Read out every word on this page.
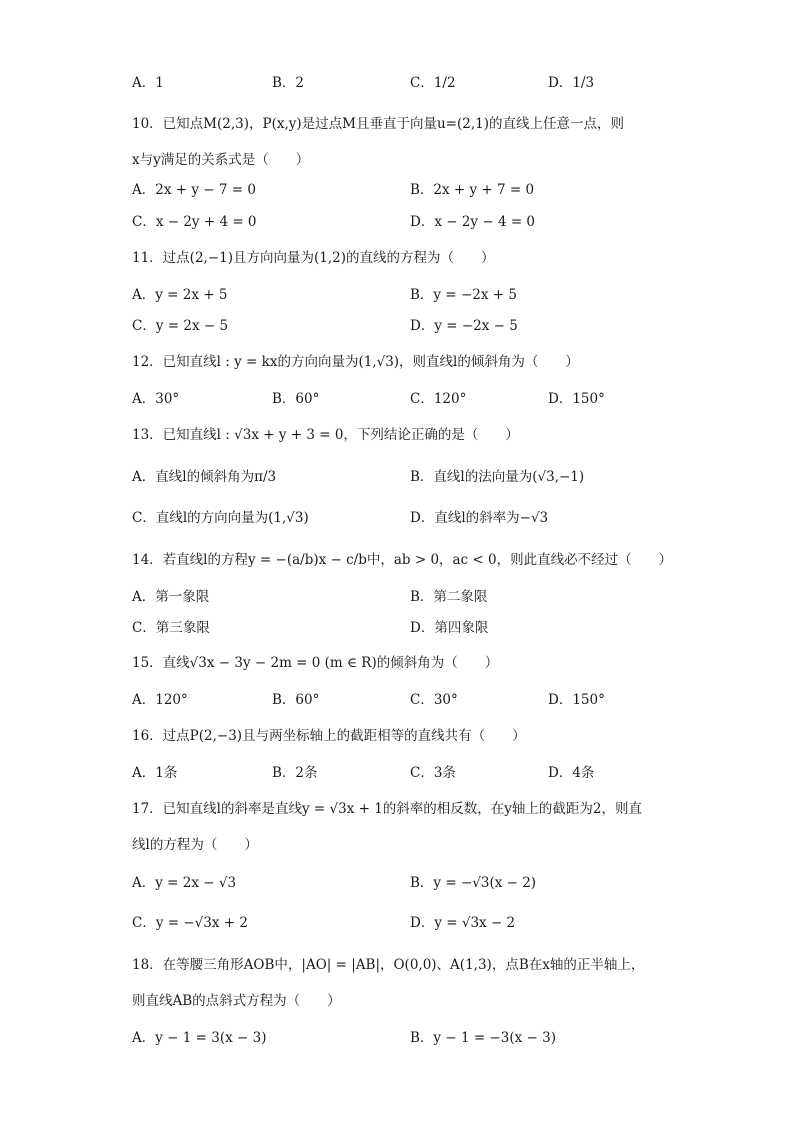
A．1	B．2	C．1/2	D．1/3
10．已知点M(2,3)，P(x,y)是过点M且垂直于向量u=(2,1)的直线上任意一点，则
x与y满足的关系式是（　　）
A．2x + y − 7 = 0	B．2x + y + 7 = 0
C．x − 2y + 4 = 0	D．x − 2y − 4 = 0
11．过点(2,−1)且方向向量为(1,2)的直线的方程为（　　）
A．y = 2x + 5	B．y = −2x + 5
C．y = 2x − 5	D．y = −2x − 5
12．已知直线l : y = kx的方向向量为(1,√3)，则直线l的倾斜角为（　　）
A．30°	B．60°	C．120°	D．150°
13．已知直线l : √3x + y + 3 = 0，下列结论正确的是（　　）
A．直线l的倾斜角为π/3	B．直线l的法向量为(√3,−1)
C．直线l的方向向量为(1,√3)	D．直线l的斜率为−√3
14．若直线l的方程y = −(a/b)x − c/b中，ab > 0，ac < 0，则此直线必不经过（　　）
A．第一象限	B．第二象限
C．第三象限	D．第四象限
15．直线√3x − 3y − 2m = 0 (m ∈ R)的倾斜角为（　　）
A．120°	B．60°	C．30°	D．150°
16．过点P(2,−3)且与两坐标轴上的截距相等的直线共有（　　）
A．1条	B．2条	C．3条	D．4条
17．已知直线l的斜率是直线y = √3x + 1的斜率的相反数，在y轴上的截距为2，则直
线l的方程为（　　）
A．y = 2x − √3	B．y = −√3(x − 2)
C．y = −√3x + 2	D．y = √3x − 2
18．在等腰三角形AOB中，|AO| = |AB|，O(0,0)、A(1,3)，点B在x轴的正半轴上，
则直线AB的点斜式方程为（　　）
A．y − 1 = 3(x − 3)	B．y − 1 = −3(x − 3)
